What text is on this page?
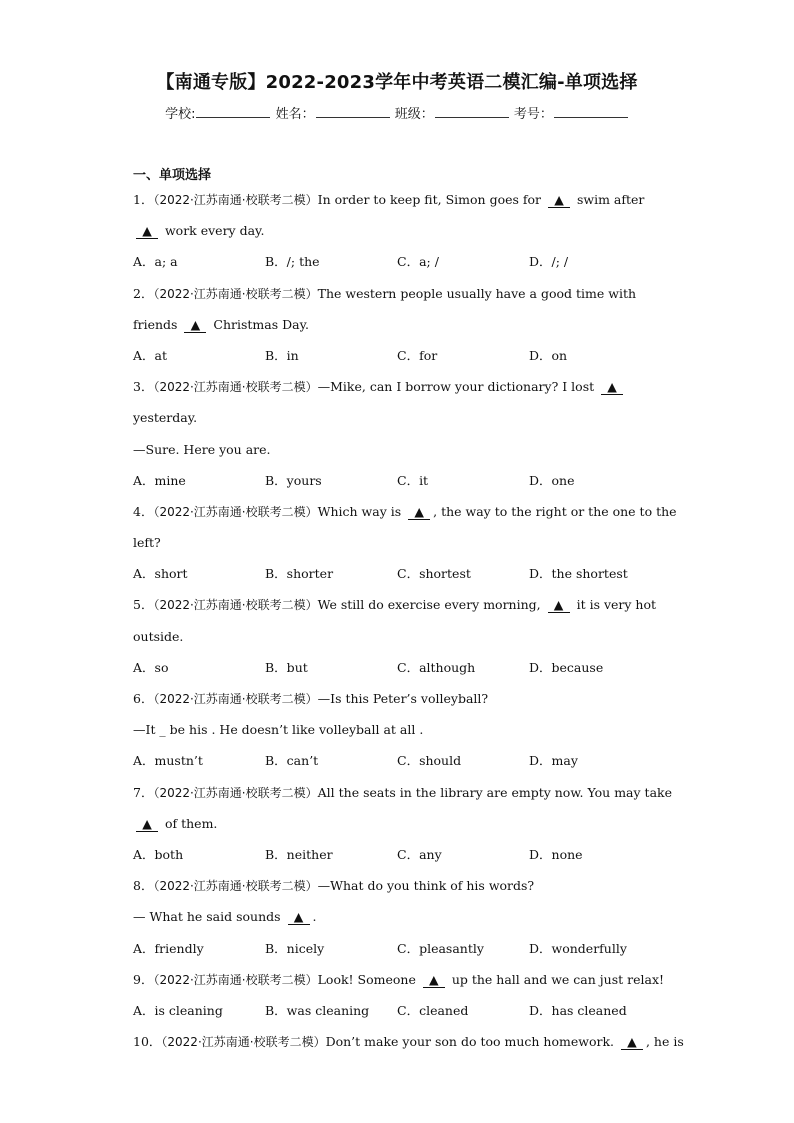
【南通专版】2022-2023学年中考英语二模汇编-单项选择
学校:	姓名：	班级：	考号：
一、单项选择
1．（2022·江苏南通·校联考二模）In order to keep fit, Simon goes for ▲ swim after
▲ work every day.
A．a; a	B．/; the	C．a; /	D．/; /
2．（2022·江苏南通·校联考二模）The western people usually have a good time with
friends ▲ Christmas Day.
A．at	B．in	C．for	D．on
3．（2022·江苏南通·校联考二模）—Mike, can I borrow your dictionary? I lost ▲
yesterday.
—Sure. Here you are.
A．mine	B．yours	C．it	D．one
4．（2022·江苏南通·校联考二模）Which way is ▲ , the way to the right or the one to the
left?
A．short	B．shorter	C．shortest	D．the shortest
5．（2022·江苏南通·校联考二模）We still do exercise every morning, ▲ it is very hot
outside.
A．so	B．but	C．although	D．because
6．（2022·江苏南通·校联考二模）—Is this Peter’s volleyball?
—It _ be his . He doesn’t like volleyball at all .
A．mustn’t	B．can’t	C．should	D．may
7．（2022·江苏南通·校联考二模）All the seats in the library are empty now. You may take
▲ of them.
A．both	B．neither	C．any	D．none
8．（2022·江苏南通·校联考二模）—What do you think of his words?
— What he said sounds ▲ .
A．friendly	B．nicely	C．pleasantly	D．wonderfully
9．（2022·江苏南通·校联考二模）Look! Someone ▲ up the hall and we can just relax!
A．is cleaning	B．was cleaning	C．cleaned	D．has cleaned
10．（2022·江苏南通·校联考二模）Don’t make your son do too much homework. ▲ , he is
